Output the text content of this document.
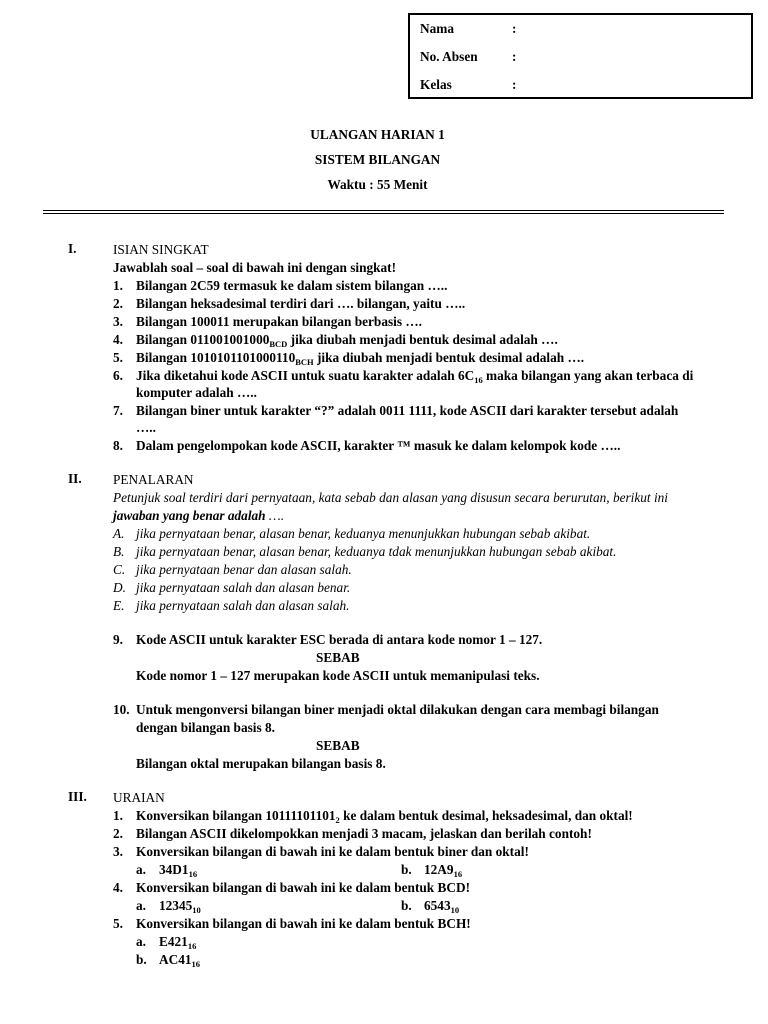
Nama	:
No. Absen	:
Kelas	:
ULANGAN HARIAN 1
SISTEM BILANGAN
Waktu : 55 Menit
I.	ISIAN SINGKAT
Jawablah soal – soal di bawah ini dengan singkat!
1. Bilangan 2C59 termasuk ke dalam sistem bilangan …..
2. Bilangan heksadesimal terdiri dari …. bilangan, yaitu …..
3. Bilangan 100011 merupakan bilangan berbasis ….
4. Bilangan $011001001000_{BCD}$ jika diubah menjadi bentuk desimal adalah ….
5. Bilangan $101010110100011​0_{BCH}$ jika diubah menjadi bentuk desimal adalah ….
6. Jika diketahui kode ASCII untuk suatu karakter adalah $6C_{16}$ maka bilangan yang akan terbaca di
komputer adalah …..
7. Bilangan biner untuk karakter “?” adalah 0011 1111, kode ASCII dari karakter tersebut adalah
…..
8. Dalam pengelompokan kode ASCII, karakter ™ masuk ke dalam kelompok kode …..
II. PENALARAN
Petunjuk soal terdiri dari pernyataan, kata sebab dan alasan yang disusun secara berurutan, berikut ini
jawaban yang benar adalah ….
A. jika pernyataan benar, alasan benar, keduanya menunjukkan hubungan sebab akibat.
B. jika pernyataan benar, alasan benar, keduanya tdak menunjukkan hubungan sebab akibat.
C. jika pernyataan benar dan alasan salah.
D. jika pernyataan salah dan alasan benar.
E. jika pernyataan salah dan alasan salah.
9. Kode ASCII untuk karakter ESC berada di antara kode nomor 1 – 127.
SEBAB
Kode nomor 1 – 127 merupakan kode ASCII untuk memanipulasi teks.
10. Untuk mengonversi bilangan biner menjadi oktal dilakukan dengan cara membagi bilangan
dengan bilangan basis 8.
SEBAB
Bilangan oktal merupakan bilangan basis 8.
III. URAIAN
1. Konversikan bilangan $10111101101_2$ ke dalam bentuk desimal, heksadesimal, dan oktal!
2. Bilangan ASCII dikelompokkan menjadi 3 macam, jelaskan dan berilah contoh!
3. Konversikan bilangan di bawah ini ke dalam bentuk biner dan oktal!
a. $34D1_{16}$	b. $12A9_{16}$
4. Konversikan bilangan di bawah ini ke dalam bentuk BCD!
a. $12345_{10}$	b. $6543_{10}$
5. Konversikan bilangan di bawah ini ke dalam bentuk BCH!
a. $E421_{16}$
b. $AC41_{16}$
